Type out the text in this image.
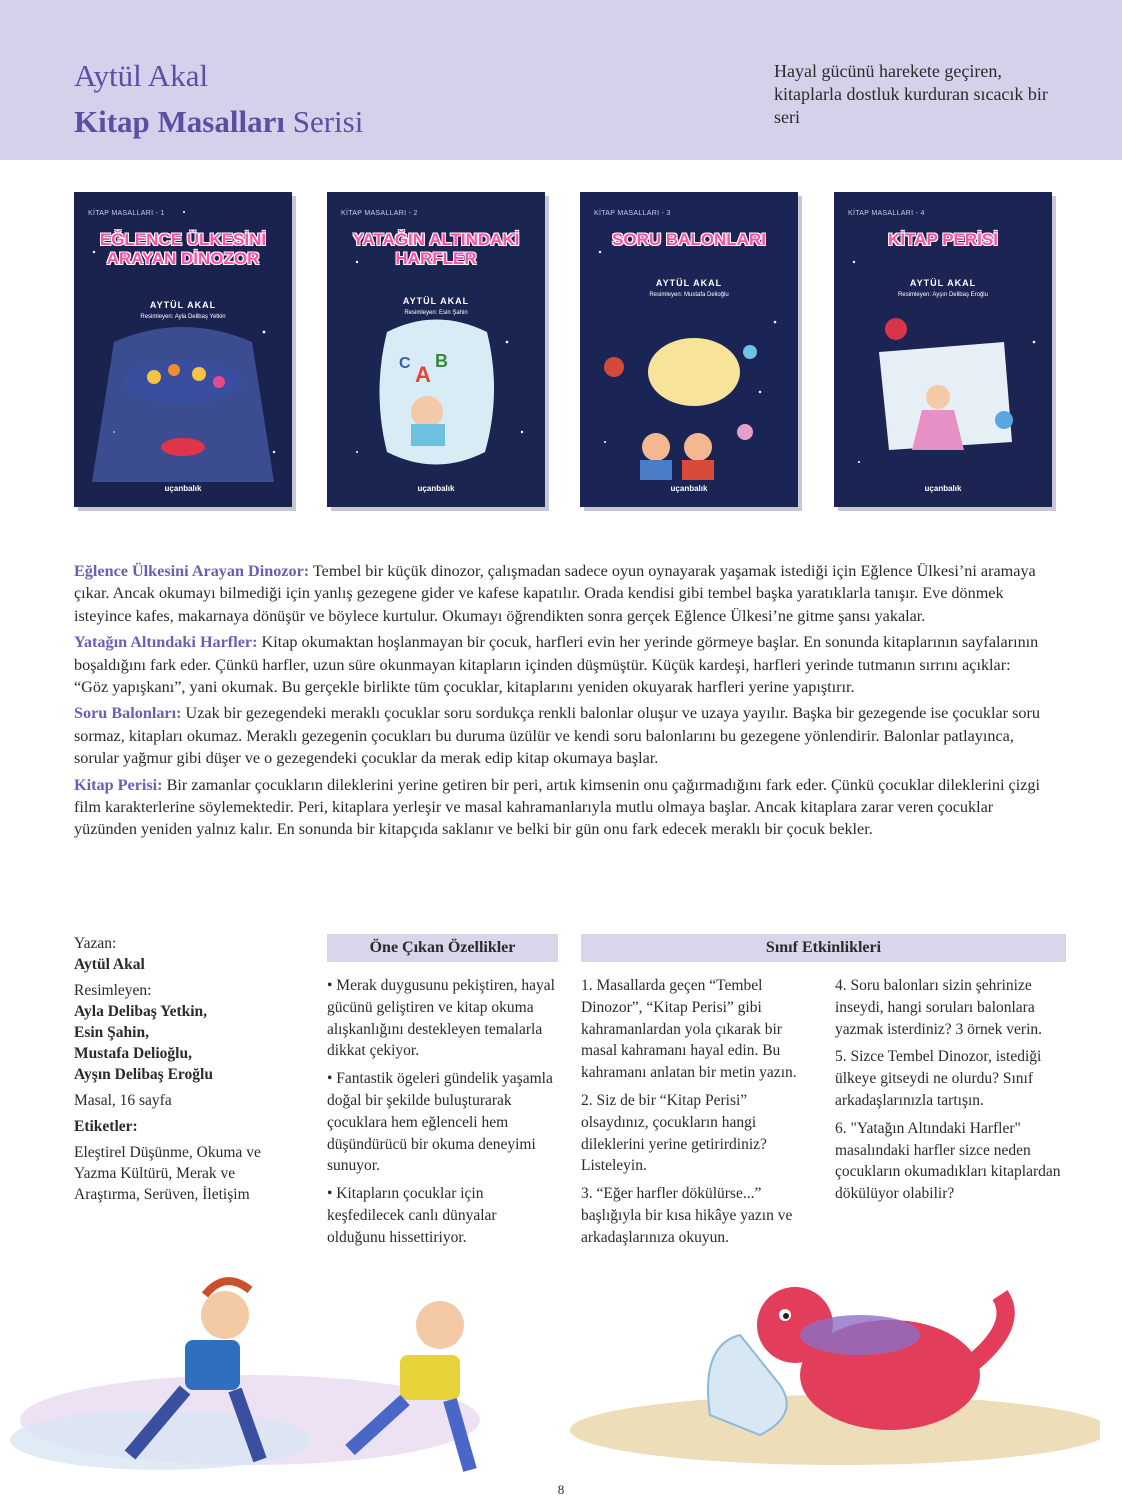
Aytül Akal
Kitap Masalları Serisi
Hayal gücünü harekete geçiren, kitaplarla dostluk kurduran sıcacık bir seri
KİTAP MASALLARI - 1
EĞLENCE ÜLKESİNİ ARAYAN DİNOZOR
AYTÜL AKAL
Resimleyen: Ayla Delibaş Yetkin
uçanbalık
A
B
C
KİTAP MASALLARI - 2
YATAĞIN ALTINDAKİ HARFLER
AYTÜL AKAL
Resimleyen: Esin Şahin
uçanbalık
KİTAP MASALLARI - 3
SORU BALONLARI
AYTÜL AKAL
Resimleyen: Mustafa Delioğlu
uçanbalık
KİTAP MASALLARI - 4
KİTAP PERİSİ
AYTÜL AKAL
Resimleyen: Ayşın Delibaş Eroğlu
uçanbalık

Eğlence Ülkesini Arayan Dinozor: Tembel bir küçük dinozor, çalışmadan sadece oyun oynayarak yaşamak istediği için Eğlence Ülkesi’ni aramaya çıkar. Ancak okumayı bilmediği için yanlış gezegene gider ve kafese kapatılır. Orada kendisi gibi tembel başka yaratıklarla tanışır. Eve dönmek isteyince kafes, makarnaya dönüşür ve böylece kurtulur. Okumayı öğrendikten sonra gerçek Eğlence Ülkesi’ne gitme şansı yakalar.

Yatağın Altındaki Harfler: Kitap okumaktan hoşlanmayan bir çocuk, harfleri evin her yerinde görmeye başlar. En sonunda kitaplarının sayfalarının boşaldığını fark eder. Çünkü harfler, uzun süre okunmayan kitapların içinden düşmüştür. Küçük kardeşi, harfleri yerinde tutmanın sırrını açıklar: “Göz yapışkanı”, yani okumak. Bu gerçekle birlikte tüm çocuklar, kitaplarını yeniden okuyarak harfleri yerine yapıştırır.

Soru Balonları: Uzak bir gezegendeki meraklı çocuklar soru sordukça renkli balonlar oluşur ve uzaya yayılır. Başka bir gezegende ise çocuklar soru sormaz, kitapları okumaz. Meraklı gezegenin çocukları bu duruma üzülür ve kendi soru balonlarını bu gezegene yönlendirir. Balonlar patlayınca, sorular yağmur gibi düşer ve o gezegendeki çocuklar da merak edip kitap okumaya başlar.

Kitap Perisi: Bir zamanlar çocukların dileklerini yerine getiren bir peri, artık kimsenin onu çağırmadığını fark eder. Çünkü çocuklar dileklerini çizgi film karakterlerine söylemektedir. Peri, kitaplara yerleşir ve masal kahramanlarıyla mutlu olmaya başlar. Ancak kitaplara zarar veren çocuklar yüzünden yeniden yalnız kalır. En sonunda bir kitapçıda saklanır ve belki bir gün onu fark edecek meraklı bir çocuk bekler.

Yazan:
Aytül Akal
Resimleyen:
Ayla Delibaş Yetkin,
Esin Şahin,
Mustafa Delioğlu,
Ayşın Delibaş Eroğlu
Masal, 16 sayfa
Etiketler:
Eleştirel Düşünme, Okuma ve Yazma Kültürü, Merak ve Araştırma, Serüven, İletişim
Öne Çıkan Özellikler

• Merak duygusunu pekiştiren, hayal gücünü geliştiren ve kitap okuma alışkanlığını destekleyen temalarla dikkat çekiyor.

• Fantastik ögeleri gündelik yaşamla doğal bir şekilde buluşturarak çocuklara hem eğlenceli hem düşündürücü bir okuma deneyimi sunuyor.

• Kitapların çocuklar için keşfedilecek canlı dünyalar olduğunu hissettiriyor.

Sınıf Etkinlikleri

1. Masallarda geçen “Tembel Dinozor”, “Kitap Perisi” gibi kahramanlardan yola çıkarak bir masal kahramanı hayal edin. Bu kahramanı anlatan bir metin yazın.

2. Siz de bir “Kitap Perisi” olsaydınız, çocukların hangi dileklerini yerine getirirdiniz? Listeleyin.

3. “Eğer harfler dökülürse...” başlığıyla bir kısa hikâye yazın ve arkadaşlarınıza okuyun.

4. Soru balonları sizin şehrinize inseydi, hangi soruları balonlara yazmak isterdiniz? 3 örnek verin.

5. Sizce Tembel Dinozor, istediği ülkeye gitseydi ne olurdu? Sınıf arkadaşlarınızla tartışın.

6. "Yatağın Altındaki Harfler" masalındaki harfler sizce neden çocukların okumadıkları kitaplardan dökülüyor olabilir?

8
